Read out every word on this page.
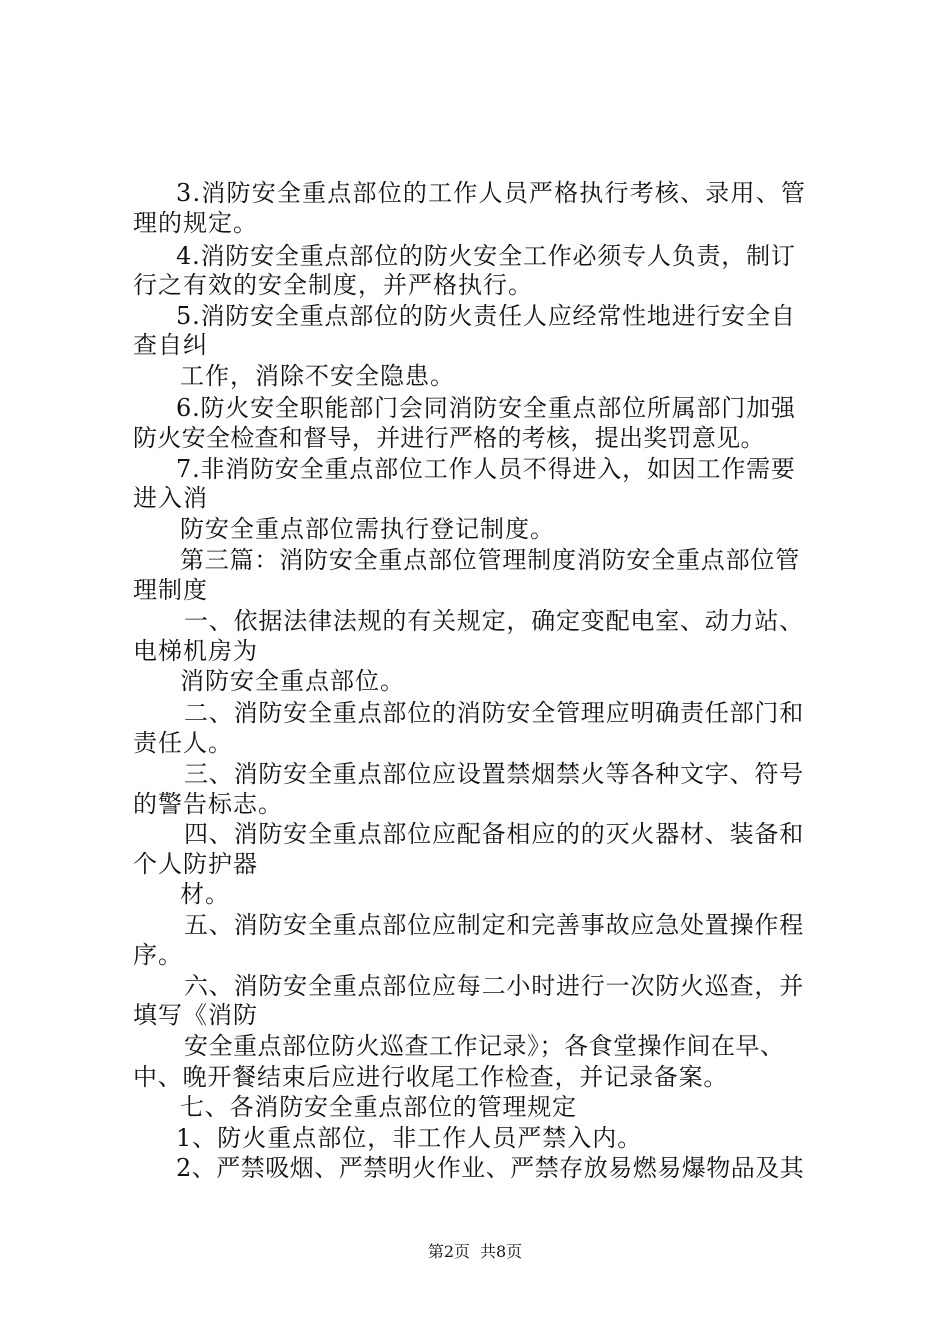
3.消防安全重点部位的工作人员严格执行考核、录用、管
理的规定。
4.消防安全重点部位的防火安全工作必须专人负责，制订
行之有效的安全制度，并严格执行。
5.消防安全重点部位的防火责任人应经常性地进行安全自
查自纠
工作，消除不安全隐患。
6.防火安全职能部门会同消防安全重点部位所属部门加强
防火安全检查和督导，并进行严格的考核，提出奖罚意见。
7.非消防安全重点部位工作人员不得进入，如因工作需要
进入消
防安全重点部位需执行登记制度。
第三篇：消防安全重点部位管理制度消防安全重点部位管
理制度
一、依据法律法规的有关规定，确定变配电室、动力站、
电梯机房为
消防安全重点部位。
二、消防安全重点部位的消防安全管理应明确责任部门和
责任人。
三、消防安全重点部位应设置禁烟禁火等各种文字、符号
的警告标志。
四、消防安全重点部位应配备相应的的灭火器材、装备和
个人防护器
材。
五、消防安全重点部位应制定和完善事故应急处置操作程
序。
六、消防安全重点部位应每二小时进行一次防火巡查，并
填写《消防
安全重点部位防火巡查工作记录》；各食堂操作间在早、
中、晚开餐结束后应进行收尾工作检查，并记录备案。
七、各消防安全重点部位的管理规定
1、防火重点部位，非工作人员严禁入内。
2、严禁吸烟、严禁明火作业、严禁存放易燃易爆物品及其
第2页 共8页
